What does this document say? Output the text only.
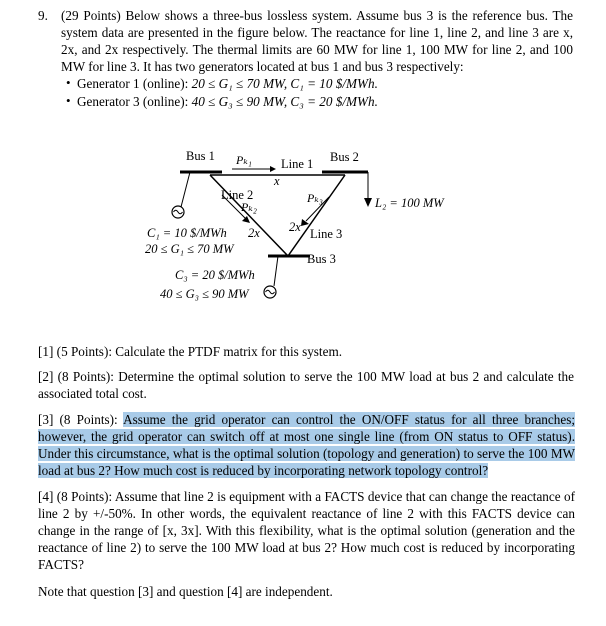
9. (29 Points) Below shows a three-bus lossless system. Assume bus 3 is the reference bus. The system data are presented in the figure below. The reactance for line 1, line 2, and line 3 are x, 2x, and 2x respectively. The thermal limits are 60 MW for line 1, 100 MW for line 2, and 100 MW for line 3. It has two generators located at bus 1 and bus 3 respectively:

• Generator 1 (online): 20 ≤ G₁ ≤ 70 MW, C₁ = 10 $/MWh.
• Generator 3 (online): 40 ≤ G₃ ≤ 90 MW, C₃ = 20 $/MWh.
Bus 1	Bus 2
Bus 3
Line 1
Line 2
Line 3
Pₖ₁
Pₖ₂
Pₖ₃
x
2x 2x
L₂ = 100 MW
C₁ = 10 $/MWh
20 ≤ G₁ ≤ 70 MW
C₃ = 20 $/MWh
40 ≤ G₃ ≤ 90 MW

[1] (5 Points): Calculate the PTDF matrix for this system.

[2] (8 Points): Determine the optimal solution to serve the 100 MW load at bus 2 and calculate the associated total cost.

[3] (8 Points): Assume the grid operator can control the ON/OFF status for all three branches; however, the grid operator can switch off at most one single line (from ON status to OFF status). Under this circumstance, what is the optimal solution (topology and generation) to serve the 100 MW load at bus 2? How much cost is reduced by incorporating network topology control?

[4] (8 Points): Assume that line 2 is equipment with a FACTS device that can change the reactance of line 2 by +/-50%. In other words, the equivalent reactance of line 2 with this FACTS device can change in the range of [x, 3x]. With this flexibility, what is the optimal solution (generation and the reactance of line 2) to serve the 100 MW load at bus 2? How much cost is reduced by incorporating FACTS?

Note that question [3] and question [4] are independent.
